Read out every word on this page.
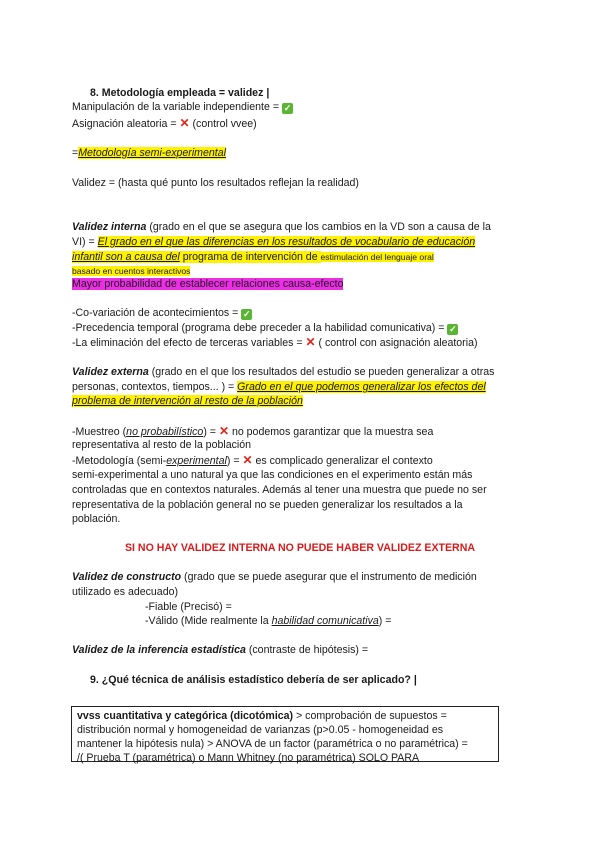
8. Metodología empleada = validez |
Manipulación de la variable independiente = ✓
Asignación aleatoria = ✕ (control vvee)
=Metodología semi-experimental
Validez = (hasta qué punto los resultados reflejan la realidad)
Validez interna (grado en el que se asegura que los cambios en la VD son a causa de la
VI) = El grado en el que las diferencias en los resultados de vocabulario de educación
infantil son a causa del programa de intervención de estimulación del lenguaje oral
basado en cuentos interactivos
Mayor probabilidad de establecer relaciones causa-efecto
-Co-variación de acontecimientos = ✓
-Precedencia temporal (programa debe preceder a la habilidad comunicativa) = ✓
-La eliminación del efecto de terceras variables = ✕ ( control con asignación aleatoria)
Validez externa (grado en el que los resultados del estudio se pueden generalizar a otras
personas, contextos, tiempos... ) = Grado en el que podemos generalizar los efectos del
problema de intervención al resto de la población
-Muestreo (no probabilístico) = ✕ no podemos garantizar que la muestra sea
representativa al resto de la población
-Metodología (semi-experimental) = ✕ es complicado generalizar el contexto
semi-experimental a uno natural ya que las condiciones en el experimento están más
controladas que en contextos naturales. Además al tener una muestra que puede no ser
representativa de la población general no se pueden generalizar los resultados a la
población.
SI NO HAY VALIDEZ INTERNA NO PUEDE HABER VALIDEZ EXTERNA
Validez de constructo (grado que se puede asegurar que el instrumento de medición
utilizado es adecuado)
-Fiable (Precisó) =
-Válido (Mide realmente la habilidad comunicativa) =
Validez de la inferencia estadística (contraste de hipótesis) =
9. ¿Qué técnica de análisis estadístico debería de ser aplicado? |
vvss cuantitativa y categórica (dicotómica) > comprobación de supuestos =
distribución normal y homogeneidad de varianzas (p>0.05 - homogeneidad es
mantener la hipótesis nula) > ANOVA de un factor (paramétrica o no paramétrica) =
/( Prueba T (paramétrica) o Mann Whitney (no paramétrica) SOLO PARA
